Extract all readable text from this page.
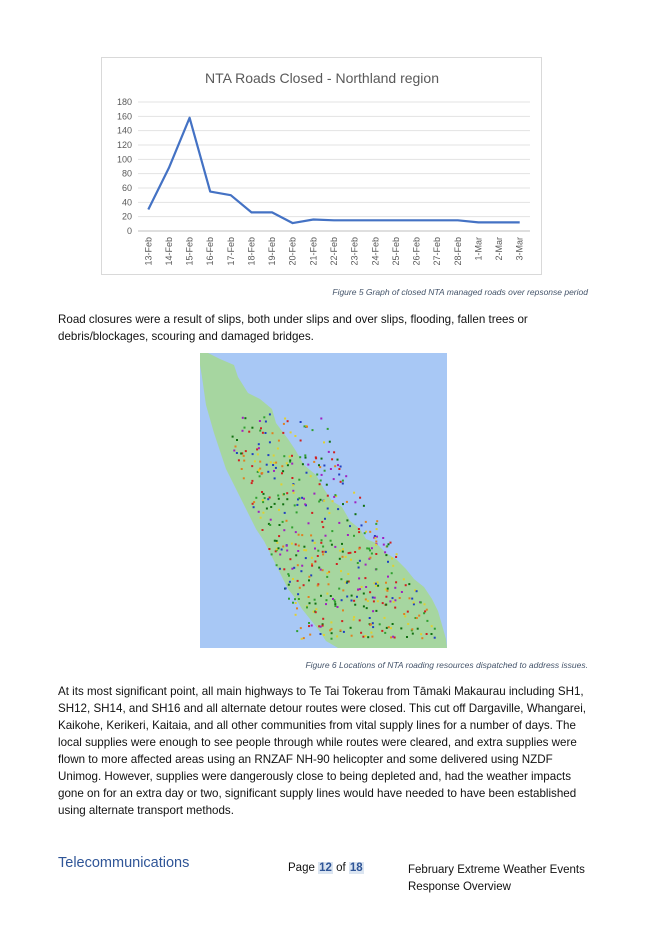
NTA Roads Closed - Northland region
0
20
40
60
80
100
120
140
160
180
13-Feb 14-Feb 15-Feb 16-Feb 17-Feb 18-Feb 19-Feb 20-Feb 21-Feb 22-Feb 23-Feb 24-Feb 25-Feb 26-Feb 27-Feb 28-Feb 1-Mar 2-Mar 3-Mar
Figure 5 Graph of closed NTA managed roads over repsonse period
Road closures were a result of slips, both under slips and over slips, flooding, fallen trees or debris/blockages, scouring and damaged bridges.
Figure 6 Locations of NTA roading resources dispatched to address issues.
At its most significant point, all main highways to Te Tai Tokerau from Tāmaki Makaurau including SH1, SH12, SH14, and SH16 and all alternate detour routes were closed. This cut off Dargaville, Whangarei, Kaikohe, Kerikeri, Kaitaia, and all other communities from vital supply lines for a number of days. The local supplies were enough to see people through while routes were cleared, and extra supplies were flown to more affected areas using an RNZAF NH-90 helicopter and some delivered using NZDF Unimog. However, supplies were dangerously close to being depleted and, had the weather impacts gone on for an extra day or two, significant supply lines would have needed to have been established using alternate transport methods.
Telecommunications	Page 12 of 18	February Extreme Weather Events Response Overview
